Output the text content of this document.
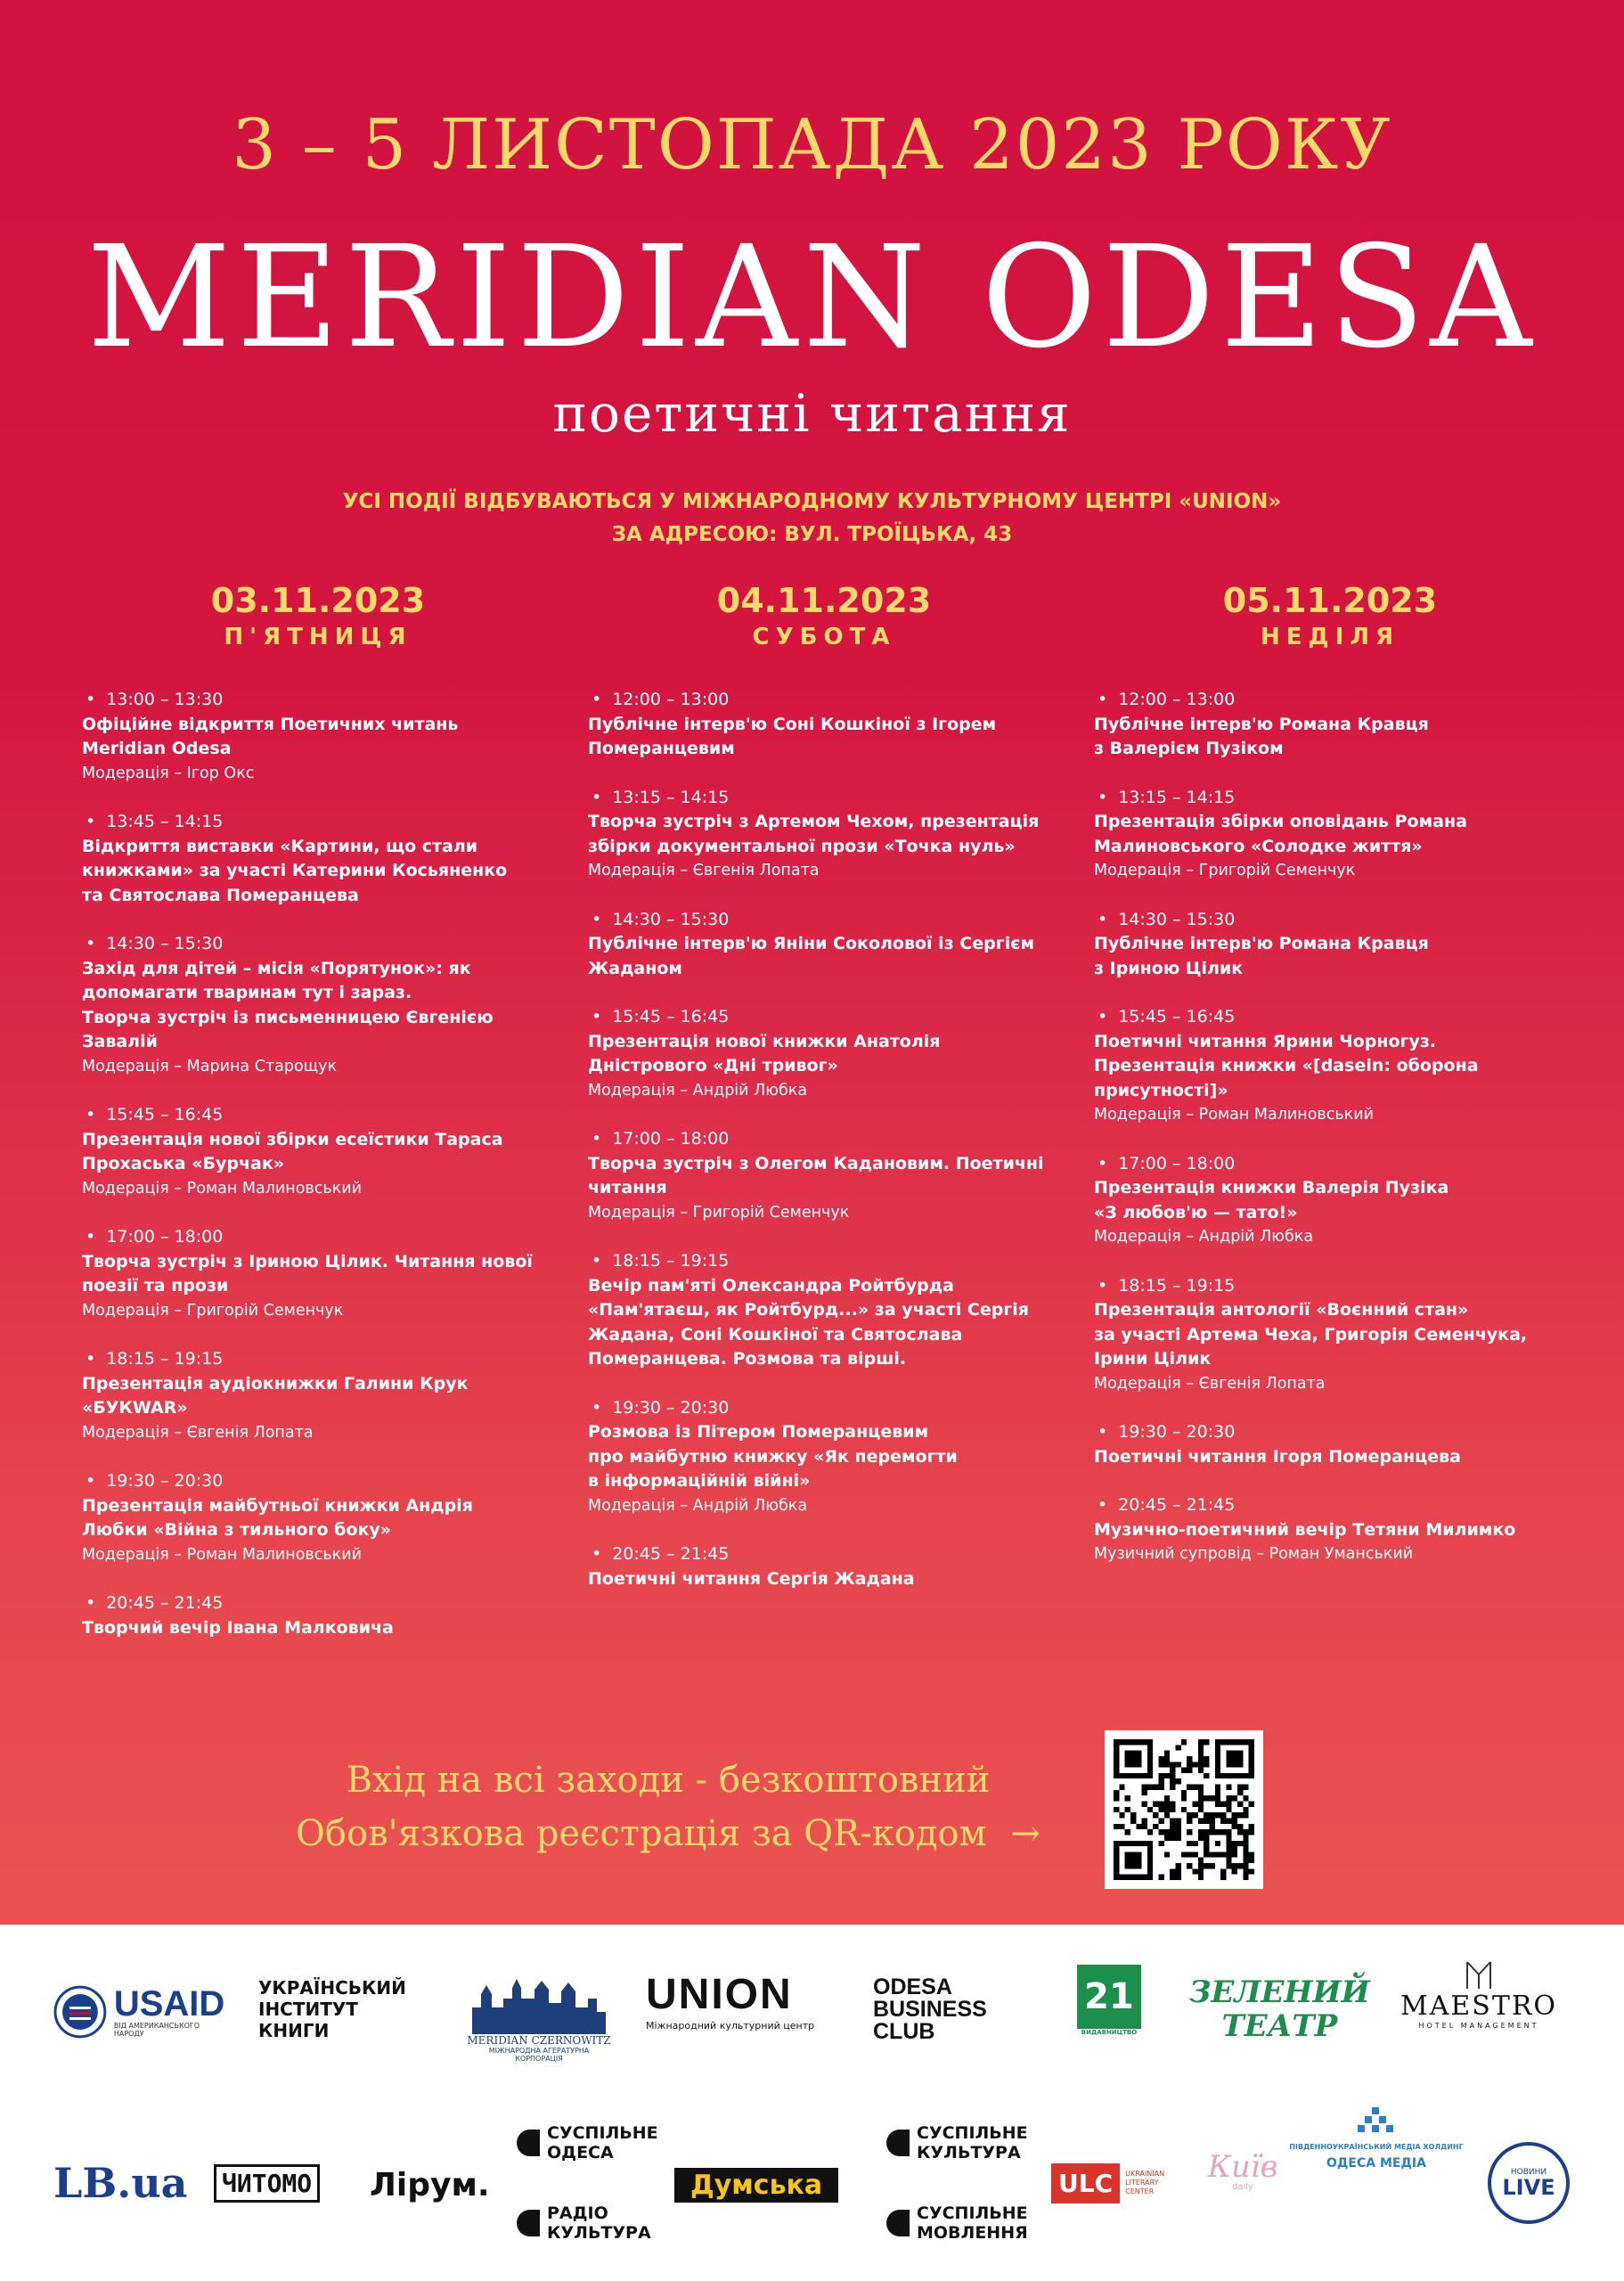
3 – 5 ЛИСТОПАДА 2023 РОКУ
MERIDIAN ODESA
поетичні читання
УСІ ПОДІЇ ВІДБУВАЮТЬСЯ У МІЖНАРОДНОМУ КУЛЬТУРНОМУ ЦЕНТРІ «UNION»
ЗА АДРЕСОЮ: ВУЛ. ТРОЇЦЬКА, 43
03.11.2023
П'ЯТНИЦЯ
• 13:00 – 13:30
Офіційне відкриття Поетичних читань
Meridian Odesa
Модерація – Ігор Окс
• 13:45 – 14:15
Відкриття виставки «Картини, що стали
книжками» за участі Катерини Косьяненко
та Святослава Померанцева
• 14:30 – 15:30
Захід для дітей – місія «Порятунок»: як
допомагати тваринам тут і зараз.
Творча зустріч із письменницею Євгенією
Завалій
Модерація – Марина Старощук
• 15:45 – 16:45
Презентація нової збірки есеїстики Тараса
Прохаська «Бурчак»
Модерація – Роман Малиновський
• 17:00 – 18:00
Творча зустріч з Іриною Цілик. Читання нової
поезії та прози
Модерація – Григорій Семенчук
• 18:15 – 19:15
Презентація аудіокнижки Галини Крук
«БУКWAR»
Модерація – Євгенія Лопата
• 19:30 – 20:30
Презентація майбутньої книжки Андрія
Любки «Війна з тильного боку»
Модерація – Роман Малиновський
• 20:45 – 21:45
Творчий вечір Івана Малковича
04.11.2023
СУБОТА
• 12:00 – 13:00
Публічне інтерв'ю Соні Кошкіної з Ігорем
Померанцевим
• 13:15 – 14:15
Творча зустріч з Артемом Чехом, презентація
збірки документальної прози «Точка нуль»
Модерація – Євгенія Лопата
• 14:30 – 15:30
Публічне інтерв'ю Яніни Соколової із Сергієм
Жаданом
• 15:45 – 16:45
Презентація нової книжки Анатолія
Дністрового «Дні тривог»
Модерація – Андрій Любка
• 17:00 – 18:00
Творча зустріч з Олегом Кадановим. Поетичні
читання
Модерація – Григорій Семенчук
• 18:15 – 19:15
Вечір пам'яті Олександра Ройтбурда
«Пам'ятаєш, як Ройтбурд...» за участі Сергія
Жадана, Соні Кошкіної та Святослава
Померанцева. Розмова та вірші.
• 19:30 – 20:30
Розмова із Пітером Померанцевим
про майбутню книжку «Як перемогти
в інформаційній війні»
Модерація – Андрій Любка
• 20:45 – 21:45
Поетичні читання Сергія Жадана
05.11.2023
НЕДІЛЯ
• 12:00 – 13:00
Публічне інтерв'ю Романа Кравця
з Валерієм Пузіком
• 13:15 – 14:15
Презентація збірки оповідань Романа
Малиновського «Солодке життя»
Модерація – Григорій Семенчук
• 14:30 – 15:30
Публічне інтерв'ю Романа Кравця
з Іриною Цілик
• 15:45 – 16:45
Поетичні читання Ярини Чорногуз.
Презентація книжки «[dasein: оборона
присутності]»
Модерація – Роман Малиновський
• 17:00 – 18:00
Презентація книжки Валерія Пузіка
«З любов'ю — тато!»
Модерація – Андрій Любка
• 18:15 – 19:15
Презентація антології «Воєнний стан»
за участі Артема Чеха, Григорія Семенчука,
Ірини Цілик
Модерація – Євгенія Лопата
• 19:30 – 20:30
Поетичні читання Ігоря Померанцева
• 20:45 – 21:45
Музично-поетичний вечір Тетяни Милимко
Музичний супровід – Роман Уманський
Вхід на всі заходи - безкоштовний
Обов'язкова реєстрація за QR-кодом →
USAID
ВІД АМЕРИКАНСЬКОГО НАРОДУ
УКРАЇНСЬКИЙ
ІНСТИТУТ
КНИГИ	MERIDIAN CZERNOWITZ
МІЖНАРОДНА АГЕРАТУРНА
КОРПОРАЦІЯ
UNION
Міжнародний культурний центр
ODESA
BUSINESS
CLUB
21
ВИДАВНИЦТВО
ЗЕЛЕНИЙ
ТЕАТР
MAESTRO
HOTEL MANAGEMENT
LB.ua	ЧИТОМО Лірум.
СУСПІЛЬНЕ
ОДЕСА
РАДІО
КУЛЬТУРА
Думська
СУСПІЛЬНЕ
КУЛЬТУРА
СУСПІЛЬНЕ
МОВЛЕННЯ
ULC	UKRAINIAN
LITERARY
CENTER
Київ
daily
ПІВДЕННОУКРАЇНСЬКИЙ МЕДІА ХОЛДИНГ
ОДЕСА МЕДІА
НОВИНИ
LIVE
